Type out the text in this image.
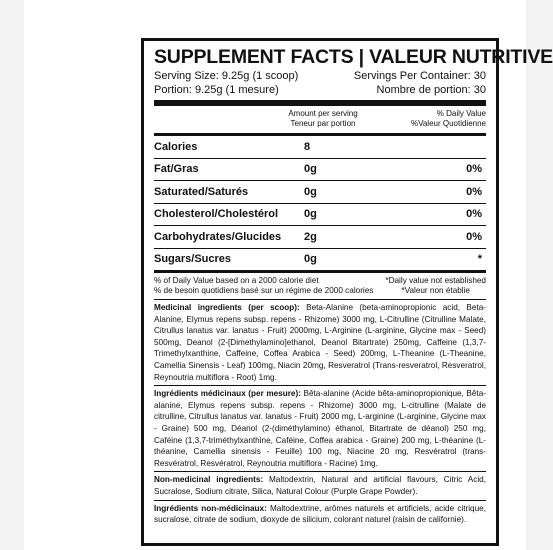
SUPPLEMENT FACTS | VALEUR NUTRITIVE
Serving Size: 9.25g (1 scoop)	Servings Per Container: 30
Portion: 9.25g (1 mesure)	Nombre de portion: 30
Amount per serving
Teneur par portion
% Daily Value
%Valeur Quotidienne
Calories	8
Fat/Gras	0g	0%
Saturated/Saturés	0g	0%
Cholesterol/Cholestérol	0g	0%
Carbohydrates/Glucides	2g	0%
Sugars/Sucres	0g	*
% of Daily Value based on a 2000 calorie diet
% de besoin quotidiens basé sur un régime de 2000 calories
*Daily value not established
*Valeur non établie
Medicinal ingredients (per scoop): Beta-Alanine (beta-aminopropionic acid, Beta-Alanine, Elymus repens subsp. repens - Rhizome) 3000 mg, L-Citrulline (Citrulline Malate, Citrullus lanatus var. lanatus - Fruit) 2000mg, L-Arginine (L-arginine, Glycine max - Seed) 500mg, Deanol (2-[Dimethylamino]ethanol, Deanol Bitartrate) 250mg, Caffeine (1,3,7-Trimethylxanthine, Caffeine, Coffea Arabica - Seed) 200mg, L-Theanine (L-Theanine, Camellia Sinensis - Leaf) 100mg, Niacin 20mg, Resveratrol (Trans-resveratrol, Resveratrol, Reynoutria multiflora - Root) 1mg.
Ingrédients médicinaux (per mesure): Bêta-alanine (Acide bêta-aminopropionique, Bêta-alanine, Elymus repens subsp. repens - Rhizome) 3000 mg, L-citrulline (Malate de citrulline, Citrullus lanatus var. lanatus - Fruit) 2000 mg, L-arginine (L-arginine, Glycine max - Graine) 500 mg, Déanol (2-(diméthylamino) éthanol, Bitartrate de déanol) 250 mg, Caféine (1,3,7-triméthylxanthine, Caféine, Coffea arabica - Graine) 200 mg, L-théanine (L-théanine, Camellia sinensis - Feuille) 100 mg, Niacine 20 mg, Resvératrol (trans-Resvératrol, Resvératrol, Reynoutria multiflora - Racine) 1mg.
Non-medicinal ingredients: Maltodextrin, Natural and artificial flavours, Citric Acid, Sucralose, Sodium citrate, Silica, Natural Colour (Purple Grape Powder).
Ingrédients non-médicinaux: Maltodextrine, arômes naturels et artificiels, acide citrique, sucralose, citrate de sodium, dioxyde de silicium, colorant naturel (raisin de californie).
